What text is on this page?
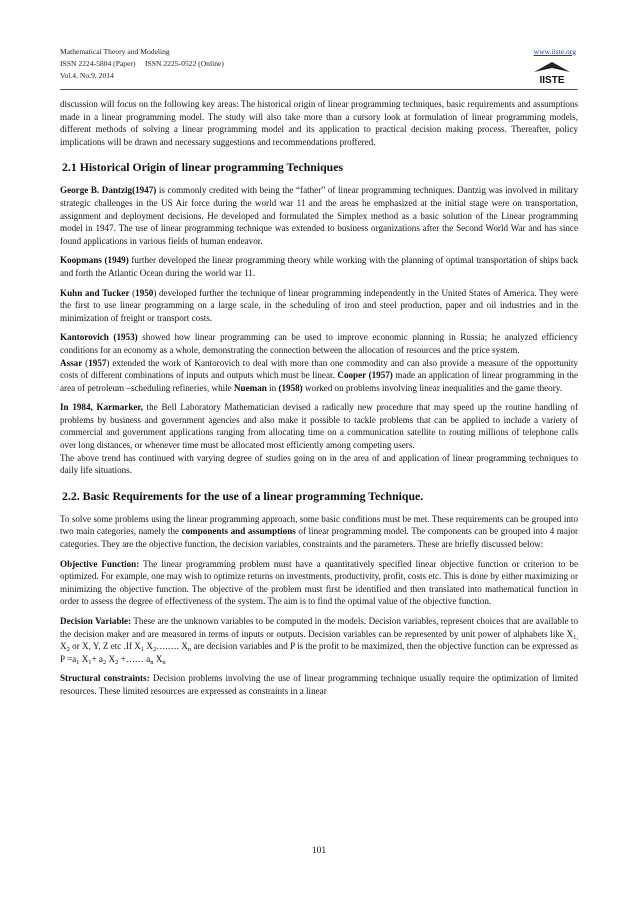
Mathematical Theory and Modeling
ISSN 2224-5804 (Paper)     ISSN 2225-0522 (Online)
Vol.4, No.9, 2014
www.iiste.org
IISTE

discussion will focus on the following key areas: The historical origin of linear programming techniques, basic requirements and assumptions made in a linear programming model. The study will also take more than a cursory look at formulation of linear programming models, different methods of solving a linear programming model and its application to practical decision making process. Thereafter, policy implications will be drawn and necessary suggestions and recommendations proffered.

2.1 Historical Origin of linear programming Techniques

George B. Dantzig(1947) is commonly credited with being the “father” of linear programming techniques. Dantzig was involved in military strategic challenges in the US Air force during the world war 11 and the areas he emphasized at the initial stage were on transportation, assignment and deployment decisions. He developed and formulated the Simplex method as a basic solution of the Linear programming model in 1947. The use of linear programming technique was extended to business organizations after the Second World War and has since found applications in various fields of human endeavor.

Koopmans (1949) further developed the linear programming theory while working with the planning of optimal transportation of ships back and forth the Atlantic Ocean during the world war 11.

Kuhn and Tucker (1950) developed further the technique of linear programming independently in the United States of America. They were the first to use linear programming on a large scale, in the scheduling of iron and steel production, paper and oil industries and in the minimization of freight or transport costs.

Kantorovich (1953) showed how linear programming can be used to improve economic planning in Russia; he analyzed efficiency conditions for an economy as a whole, demonstrating the connection between the allocation of resources and the price system.

Assar (1957) extended the work of Kantorovich to deal with more than one commodity and can also provide a measure of the opportunity costs of different combinations of inputs and outputs which must be linear. Cooper (1957) made an application of linear programming in the area of petroleum –scheduling refineries, while Nueman in (1958) worked on problems involving linear inequalities and the game theory.

In 1984, Karmarker, the Bell Laboratory Mathematician devised a radically new procedure that may speed up the routine handling of problems by business and government agencies and also make it possible to tackle problems that can be applied to include a variety of commercial and government applications ranging from allocating time on a communication satellite to routing millions of telephone calls over long distances, or whenever time must be allocated most efficiently among competing users.

The above trend has continued with varying degree of studies going on in the area of and application of linear programming techniques to daily life situations.

2.2. Basic Requirements for the use of a linear programming Technique.

To solve some problems using the linear programming approach, some basic conditions must be met. These requirements can be grouped into two main categories, namely the components and assumptions of linear programming model. The components can be grouped into 4 major categories. They are the objective function, the decision variables, constraints and the parameters. These are briefly discussed below:

Objective Function: The linear programming problem must have a quantitatively specified linear objective function or criterion to be optimized. For example, one may wish to optimize returns on investments, productivity, profit, costs etc. This is done by either maximizing or minimizing the objective function. The objective of the problem must first be identified and then translated into mathematical function in order to assess the degree of effectiveness of the system. The aim is to find the optimal value of the objective function.

Decision Variable: These are the unknown variables to be computed in the models. Decision variables, represent choices that are available to the decision maker and are measured in terms of inputs or outputs. Decision variables can be represented by unit power of alphabets like $X_{1,}$ $X_2$ or X, Y, Z etc .If $X_1$ $X_2\dots.\dots$. $X_n$ are decision variables and P is the profit to be maximized, then the objective function can be expressed as $P =a_1$ $X_1+ a_2$ $X_2$ +…… $a_n$ $X_n$

Structural constraints: Decision problems involving the use of linear programming technique usually require the optimization of limited resources. These limited resources are expressed as constraints in a linear

101
